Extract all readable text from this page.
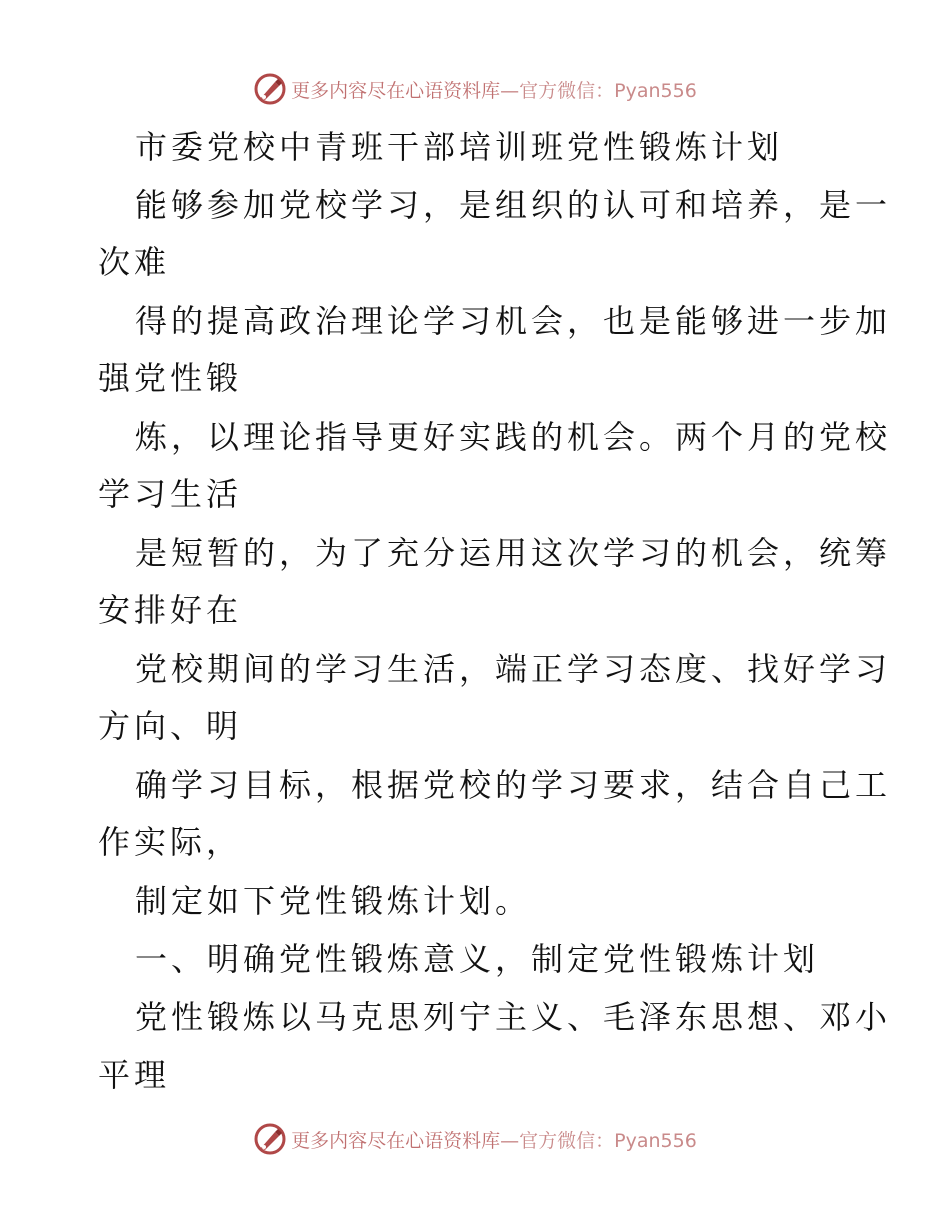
更多内容尽在心语资料库 —官方微信：Pyan556
市委党校中青班干部培训班党性锻炼计划
能够参加党校学习，是组织的认可和培养，是一
次难
得的提高政治理论学习机会，也是能够进一步加
强党性锻
炼，以理论指导更好实践的机会。两个月的党校
学习生活
是短暂的，为了充分运用这次学习的机会，统筹
安排好在
党校期间的学习生活，端正学习态度、找好学习
方向、明
确学习目标，根据党校的学习要求，结合自己工
作实际，
制定如下党性锻炼计划。
一、明确党性锻炼意义，制定党性锻炼计划
党性锻炼以马克思列宁主义、毛泽东思想、邓小
平理
更多内容尽在心语资料库 —官方微信：Pyan556
